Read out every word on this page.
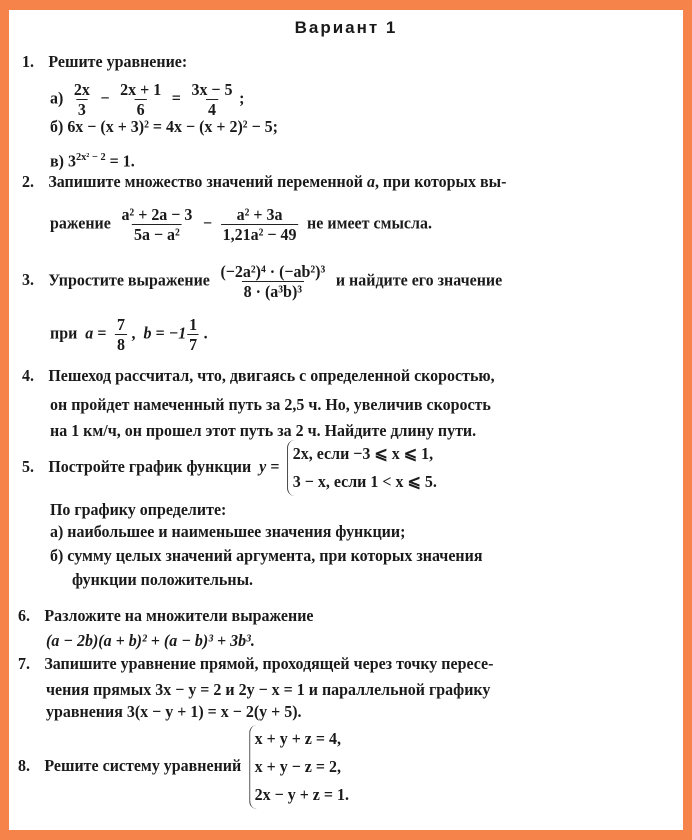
Вариант 1
1. Решите уравнение:
$а) \frac{2x}{3} - \frac{2x + 1}{6} = \frac{3x - 5}{4}$ ;
б) 6x − (x + 3)² = 4x − (x + 2)² − 5;
в) $3^{2x^2 - 2} = 1$.
2. Запишите множество значений переменной a, при которых вы-
ражение $\frac{\text{a² + 2a − 3}}{\text{5a − a²}} - \frac{\text{a² + 3a}}{\text{1,21a² − 49}}$ не имеет смысла.
3. Упростите выражение $\frac{\text{(−2a²)⁴ · (−ab²)³}}{\text{8 · (a³b)³}}$ и найдите его значение
при $a = \frac{7}{8}$ , $b = -1 \frac{1}{7}$ .
4. Пешеход рассчитал, что, двигаясь с определенной скоростью,
он пройдет намеченный путь за 2,5 ч. Но, увеличив скорость
на 1 км/ч, он прошел этот путь за 2 ч. Найдите длину пути.
5. Постройте график функции y =
2x, если −3 ⩽ x ⩽ 1,
3 − x, если 1 < x ⩽ 5.
По графику определите:
а) наибольшее и наименьшее значения функции;
б) сумму целых значений аргумента, при которых значения
функции положительны.
6. Разложите на множители выражение
(a − 2b)(a + b)² + (a − b)³ + 3b³.
7. Запишите уравнение прямой, проходящей через точку пересе-
чения прямых 3x − y = 2 и 2y − x = 1 и параллельной графику
уравнения 3(x − y + 1) = x − 2(y + 5).
8. Решите систему уравнений
x + y + z = 4,
x + y − z = 2,
2x − y + z = 1.
